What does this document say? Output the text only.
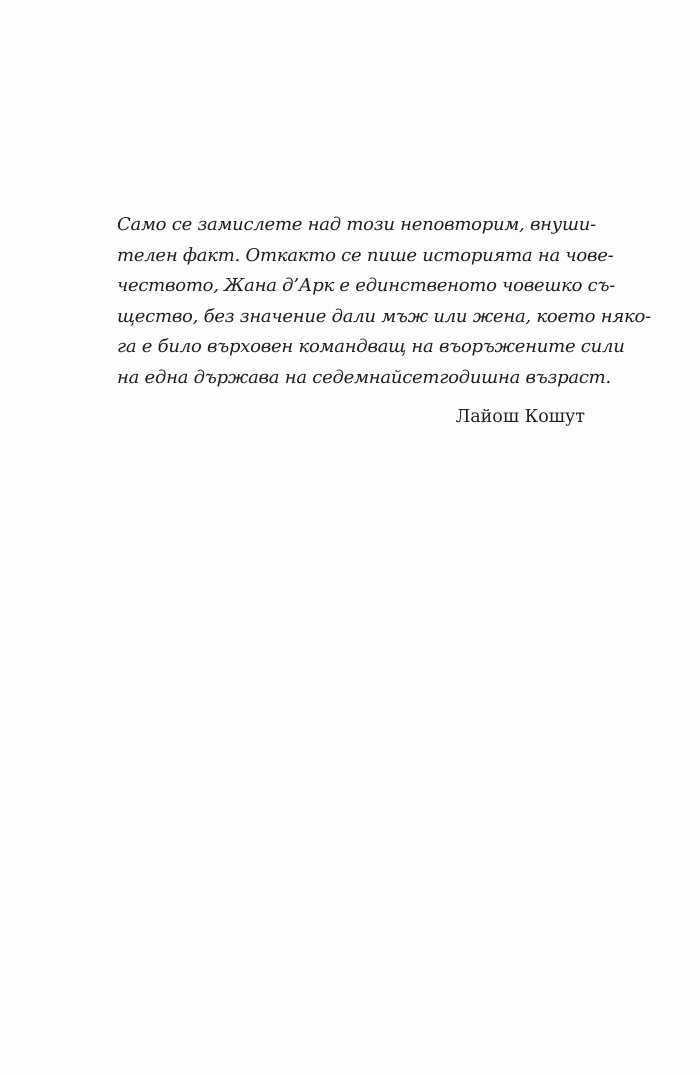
Само се замислете над този неповторим, внуши-
телен факт. Откакто се пише историята на чове-
чеството, Жана д’Арк е единственото човешко съ-
щество, без значение дали мъж или жена, което някo-
га е било върховен командващ на въоръжените сили
на една държава на седемнайсетгодишна възраст.
Лайош Кошут
